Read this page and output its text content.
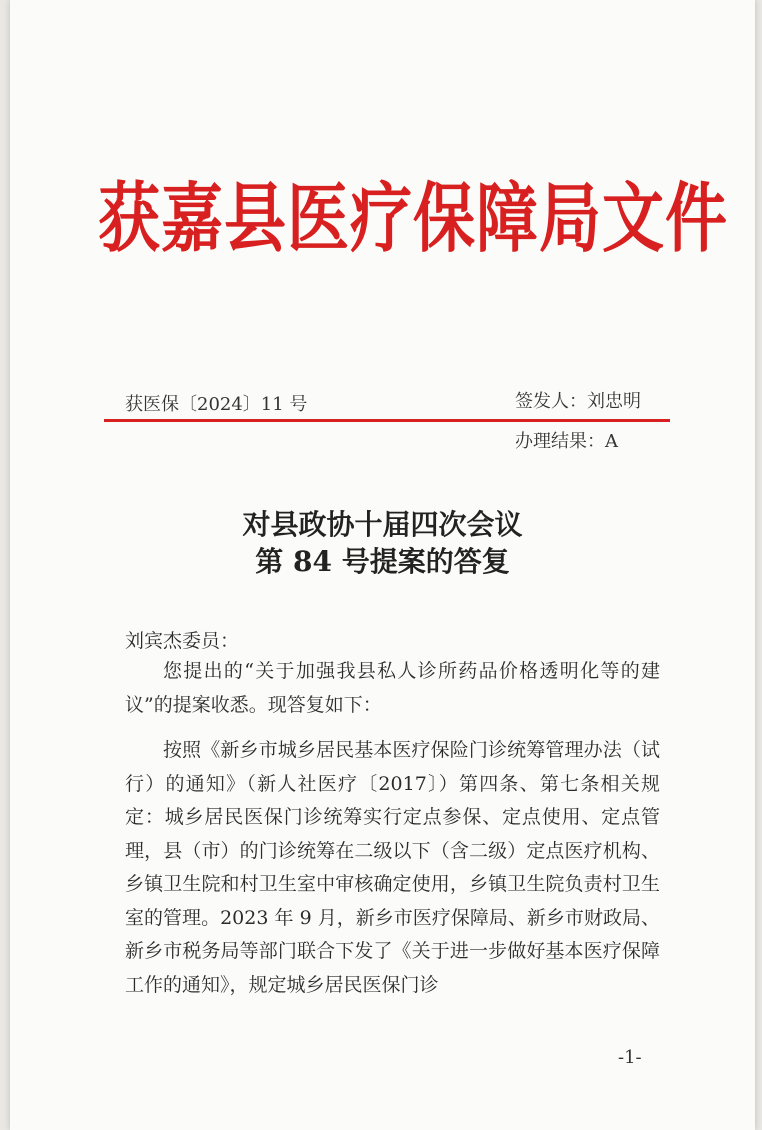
获嘉县医疗保障局文件
获医保〔2024〕11 号	签发人：刘忠明
办理结果：A
对县政协十届四次会议
第 84 号提案的答复
刘宾杰委员：
您提出的“关于加强我县私人诊所药品价格透明化等的建议”的提案收悉。现答复如下：
按照《新乡市城乡居民基本医疗保险门诊统筹管理办法（试行）的通知》（新人社医疗〔2017〕）第四条、第七条相关规定：城乡居民医保门诊统筹实行定点参保、定点使用、定点管理，县（市）的门诊统筹在二级以下（含二级）定点医疗机构、乡镇卫生院和村卫生室中审核确定使用，乡镇卫生院负责村卫生室的管理。2023 年 9 月，新乡市医疗保障局、新乡市财政局、新乡市税务局等部门联合下发了《关于进一步做好基本医疗保障工作的通知》，规定城乡居民医保门诊
-1-
